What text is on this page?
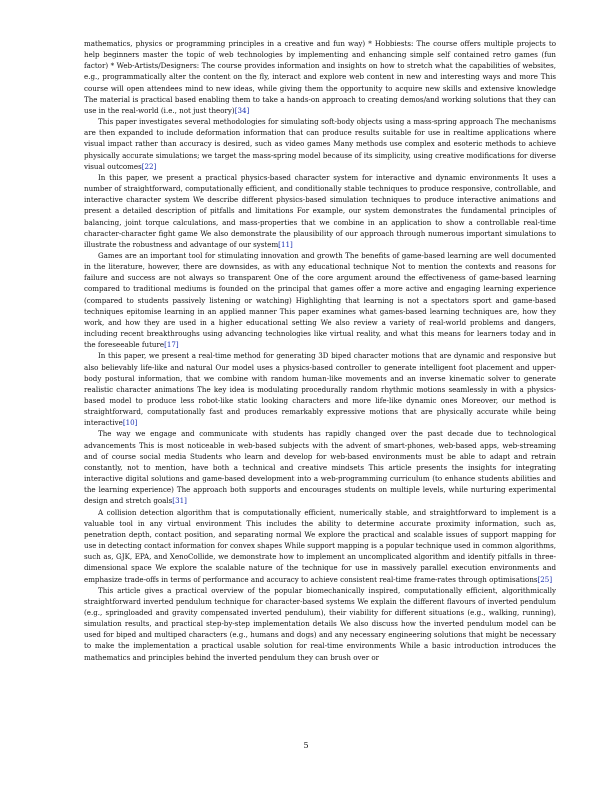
mathematics, physics or programming principles in a creative and fun way) * Hobbiests: The course offers multiple projects to help beginners master the topic of web technologies by implementing and enhancing simple self contained retro games (fun factor) * Web-Artists/Designers: The course provides information and insights on how to stretch what the capabilities of websites, e.g., programmatically alter the content on the fly, interact and explore web content in new and interesting ways and more This course will open attendees mind to new ideas, while giving them the opportunity to acquire new skills and extensive knowledge The material is practical based enabling them to take a hands-on approach to creating demos/and working solutions that they can use in the real-world (i.e., not just theory)[34]

This paper investigates several methodologies for simulating soft-body objects using a mass-spring approach The mechanisms are then expanded to include deformation information that can produce results suitable for use in realtime applications where visual impact rather than accuracy is desired, such as video games Many methods use complex and esoteric methods to achieve physically accurate simulations; we target the mass-spring model because of its simplicity, using creative modifications for diverse visual outcomes[22]

In this paper, we present a practical physics-based character system for interactive and dynamic environments It uses a number of straightforward, computationally efficient, and conditionally stable techniques to produce responsive, controllable, and interactive character system We describe different physics-based simulation techniques to produce interactive animations and present a detailed description of pitfalls and limitations For example, our system demonstrates the fundamental principles of balancing, joint torque calculations, and mass-properties that we combine in an application to show a controllable real-time character-character fight game We also demonstrate the plausibility of our approach through numerous important simulations to illustrate the robustness and advantage of our system[11]

Games are an important tool for stimulating innovation and growth The benefits of game-based learning are well documented in the literature, however, there are downsides, as with any educational technique Not to mention the contexts and reasons for failure and success are not always so transparent One of the core argument around the effectiveness of game-based learning compared to traditional mediums is founded on the principal that games offer a more active and engaging learning experience (compared to students passively listening or watching) Highlighting that learning is not a spectators sport and game-based techniques epitomise learning in an applied manner This paper examines what games-based learning techniques are, how they work, and how they are used in a higher educational setting We also review a variety of real-world problems and dangers, including recent breakthroughs using advancing technologies like virtual reality, and what this means for learners today and in the foreseeable future[17]

In this paper, we present a real-time method for generating 3D biped character motions that are dynamic and responsive but also believably life-like and natural Our model uses a physics-based controller to generate intelligent foot placement and upper-body postural information, that we combine with random human-like movements and an inverse kinematic solver to generate realistic character animations The key idea is modulating procedurally random rhythmic motions seamlessly in with a physics-based model to produce less robot-like static looking characters and more life-like dynamic ones Moreover, our method is straightforward, computationally fast and produces remarkably expressive motions that are physically accurate while being interactive[10]

The way we engage and communicate with students has rapidly changed over the past decade due to technological advancements This is most noticeable in web-based subjects with the advent of smart-phones, web-based apps, web-streaming and of course social media Students who learn and develop for web-based environments must be able to adapt and retrain constantly, not to mention, have both a technical and creative mindsets This article presents the insights for integrating interactive digital solutions and game-based development into a web-programming curriculum (to enhance students abilities and the learning experience) The approach both supports and encourages students on multiple levels, while nurturing experimental design and stretch goals[31]

A collision detection algorithm that is computationally efficient, numerically stable, and straightforward to implement is a valuable tool in any virtual environment This includes the ability to determine accurate proximity information, such as, penetration depth, contact position, and separating normal We explore the practical and scalable issues of support mapping for use in detecting contact information for convex shapes While support mapping is a popular technique used in common algorithms, such as, GJK, EPA, and XenoCollide, we demonstrate how to implement an uncomplicated algorithm and identify pitfalls in three-dimensional space We explore the scalable nature of the technique for use in massively parallel execution environments and emphasize trade-offs in terms of performance and accuracy to achieve consistent real-time frame-rates through optimisations[25]

This article gives a practical overview of the popular biomechanically inspired, computationally efficient, algorithmically straightforward inverted pendulum technique for character-based systems We explain the different flavours of inverted pendulum (e.g., springloaded and gravity compensated inverted pendulum), their viability for different situations (e.g., walking, running), simulation results, and practical step-by-step implementation details We also discuss how the inverted pendulum model can be used for biped and multiped characters (e.g., humans and dogs) and any necessary engineering solutions that might be necessary to make the implementation a practical usable solution for real-time environments While a basic introduction introduces the mathematics and principles behind the inverted pendulum they can brush over or

5
